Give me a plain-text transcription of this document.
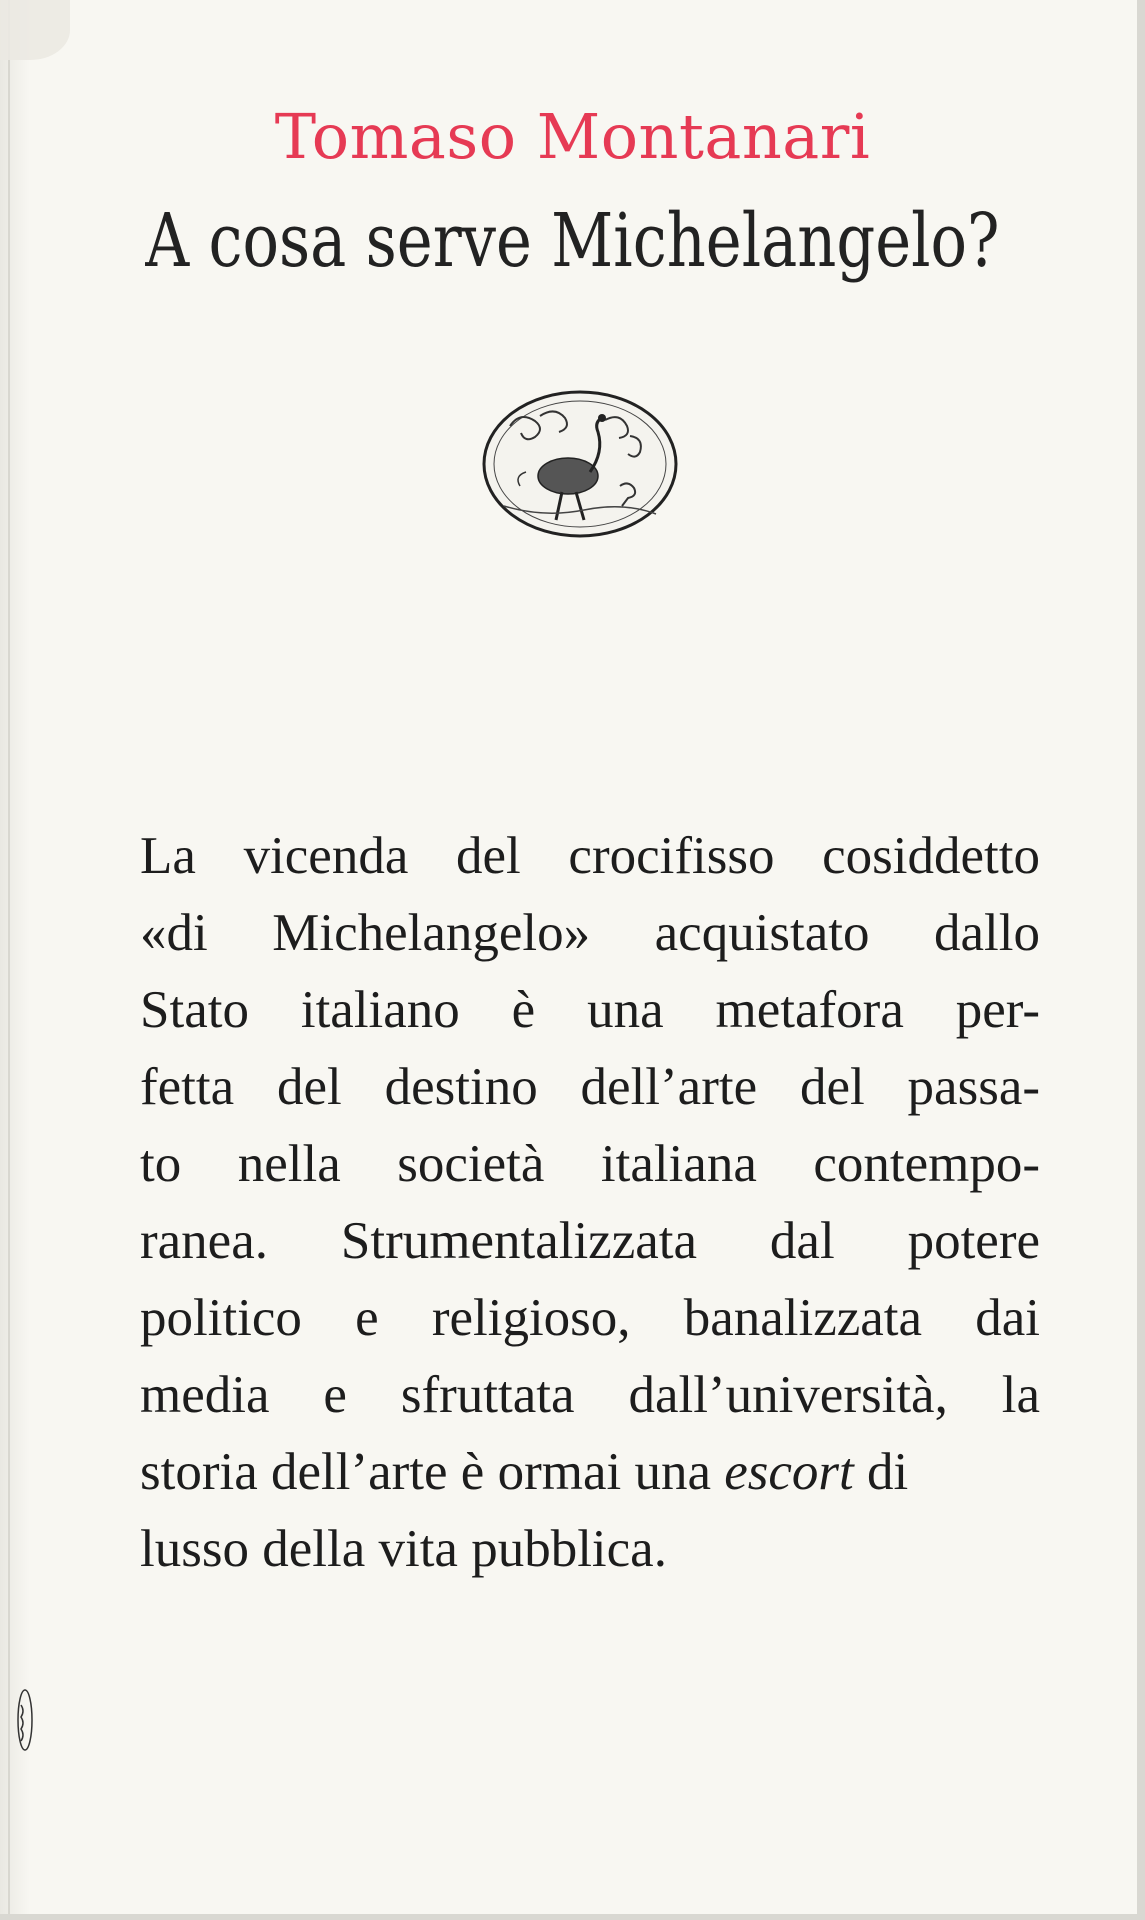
Tomaso Montanari
A cosa serve Michelangelo?
La vicenda del crocifisso cosiddetto
«di Michelangelo» acquistato dallo
Stato italiano è una metafora per-
fetta del destino dell’arte del passa-
to nella società italiana contempo-
ranea. Strumentalizzata dal potere
politico e religioso, banalizzata dai
media e sfruttata dall’università, la
storia dell’arte è ormai una escort di
lusso della vita pubblica.
